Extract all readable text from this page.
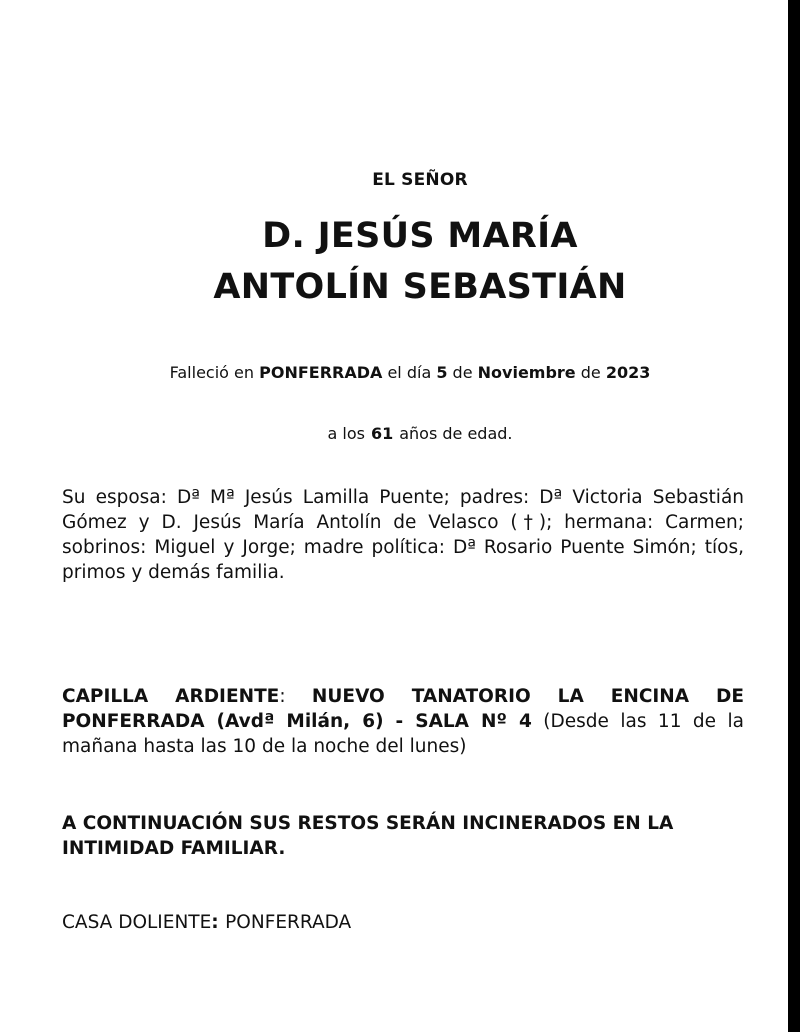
EL SEÑOR
D. JESÚS MARÍA
ANTOLÍN SEBASTIÁN
Falleció en PONFERRADA el día 5 de Noviembre de 2023
a los 61 años de edad.
Su esposa: Dª Mª Jesús Lamilla Puente; padres: Dª Victoria Sebastián Gómez y D. Jesús María Antolín de Velasco (†); hermana: Carmen; sobrinos: Miguel y Jorge; madre política: Dª Rosario Puente Simón; tíos, primos y demás familia.
CAPILLA ARDIENTE: NUEVO TANATORIO LA ENCINA DE PONFERRADA (Avdª Milán, 6) - SALA Nº 4 (Desde las 11 de la mañana hasta las 10 de la noche del lunes)
A CONTINUACIÓN SUS RESTOS SERÁN INCINERADOS EN LA INTIMIDAD FAMILIAR.
CASA DOLIENTE: PONFERRADA
